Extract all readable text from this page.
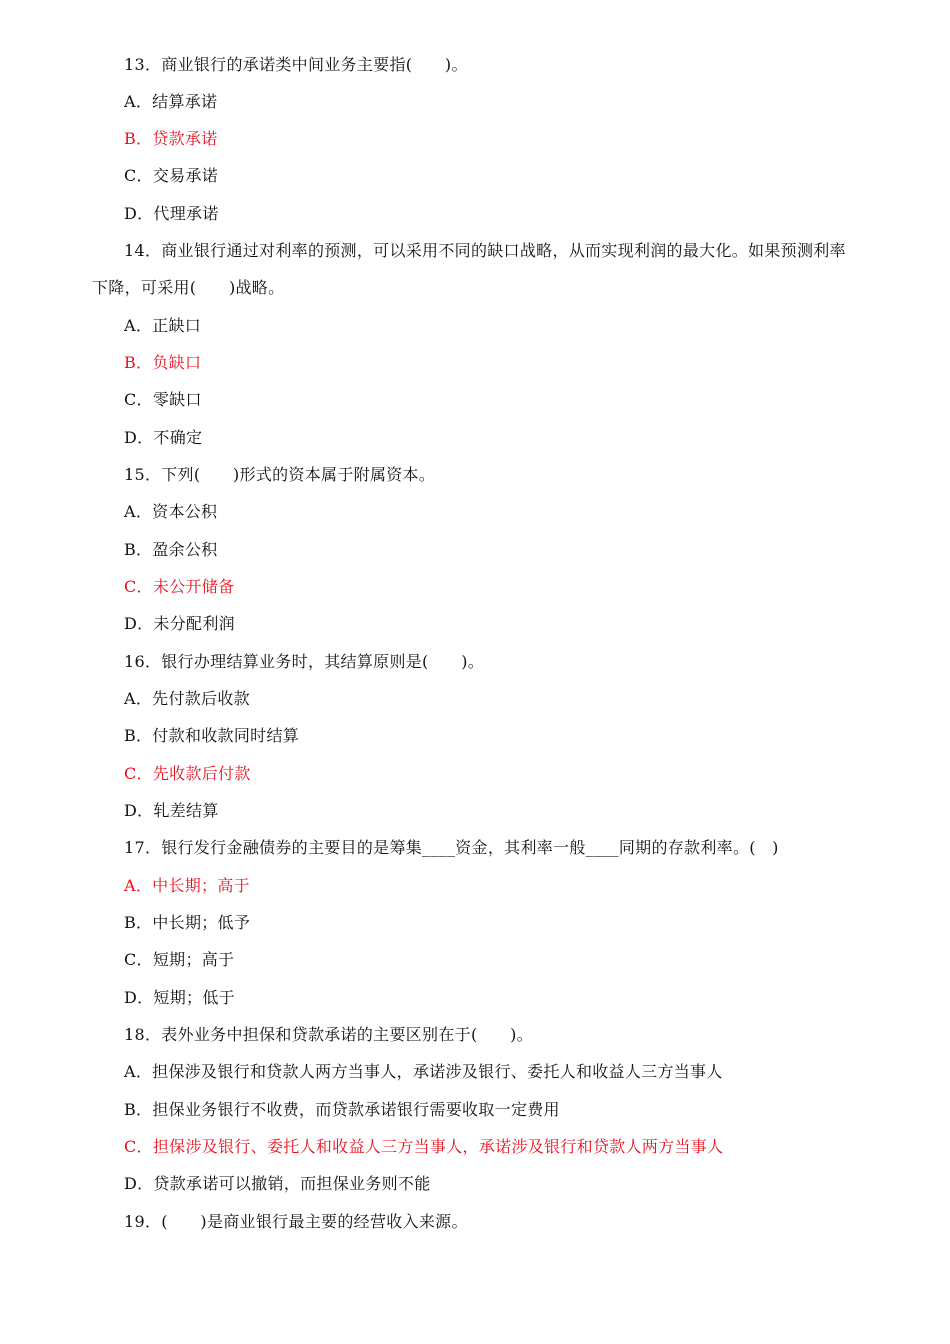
13．商业银行的承诺类中间业务主要指(　　)。
A．结算承诺
B．贷款承诺
C．交易承诺
D．代理承诺
14．商业银行通过对利率的预测，可以采用不同的缺口战略，从而实现利润的最大化。如果预测利率
下降，可采用(　　)战略。
A．正缺口
B．负缺口
C．零缺口
D．不确定
15．下列(　　)形式的资本属于附属资本。
A．资本公积
B．盈余公积
C．未公开储备
D．未分配利润
16．银行办理结算业务时，其结算原则是(　　)。
A．先付款后收款
B．付款和收款同时结算
C．先收款后付款
D．轧差结算
17．银行发行金融债券的主要目的是筹集____资金，其利率一般____同期的存款利率。(　)
A．中长期；高于
B．中长期；低予
C．短期；高于
D．短期；低于
18．表外业务中担保和贷款承诺的主要区别在于(　　)。
A．担保涉及银行和贷款人两方当事人，承诺涉及银行、委托人和收益人三方当事人
B．担保业务银行不收费，而贷款承诺银行需要收取一定费用
C．担保涉及银行、委托人和收益人三方当事人，承诺涉及银行和贷款人两方当事人
D．贷款承诺可以撤销，而担保业务则不能
19．(　　)是商业银行最主要的经营收入来源。
